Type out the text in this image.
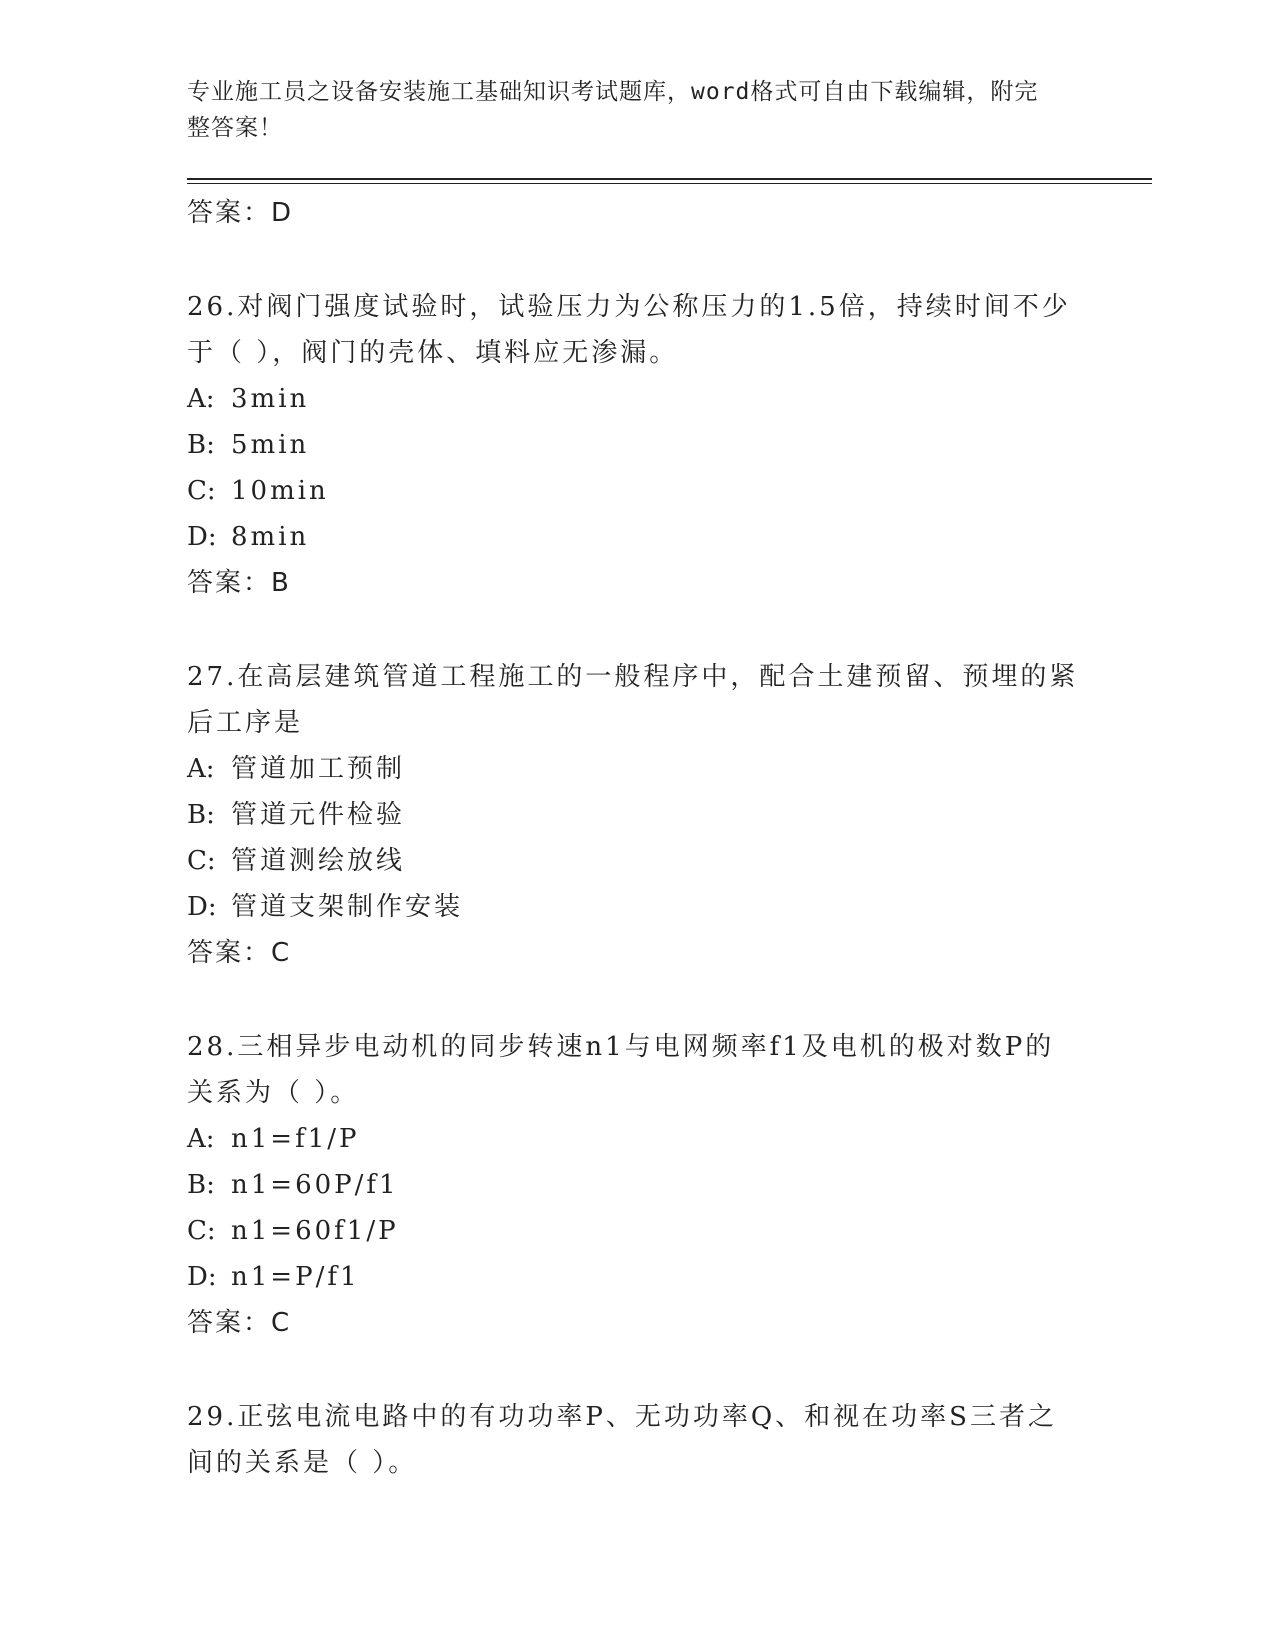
专业施工员之设备安装施工基础知识考试题库，word格式可自由下载编辑，附完
整答案！
答案：D
26.对阀门强度试验时，试验压力为公称压力的1.5倍，持续时间不少
于（ ），阀门的壳体、填料应无渗漏。
A: 3min
B: 5min
C: 10min
D: 8min
答案：B
27.在高层建筑管道工程施工的一般程序中，配合土建预留、预埋的紧
后工序是
A: 管道加工预制
B: 管道元件检验
C: 管道测绘放线
D: 管道支架制作安装
答案：C
28.三相异步电动机的同步转速n1与电网频率f1及电机的极对数P的
关系为（ ）。
A: n1=f1/P
B: n1=60P/f1
C: n1=60f1/P
D: n1=P/f1
答案：C
29.正弦电流电路中的有功功率P、无功功率Q、和视在功率S三者之
间的关系是（ ）。
